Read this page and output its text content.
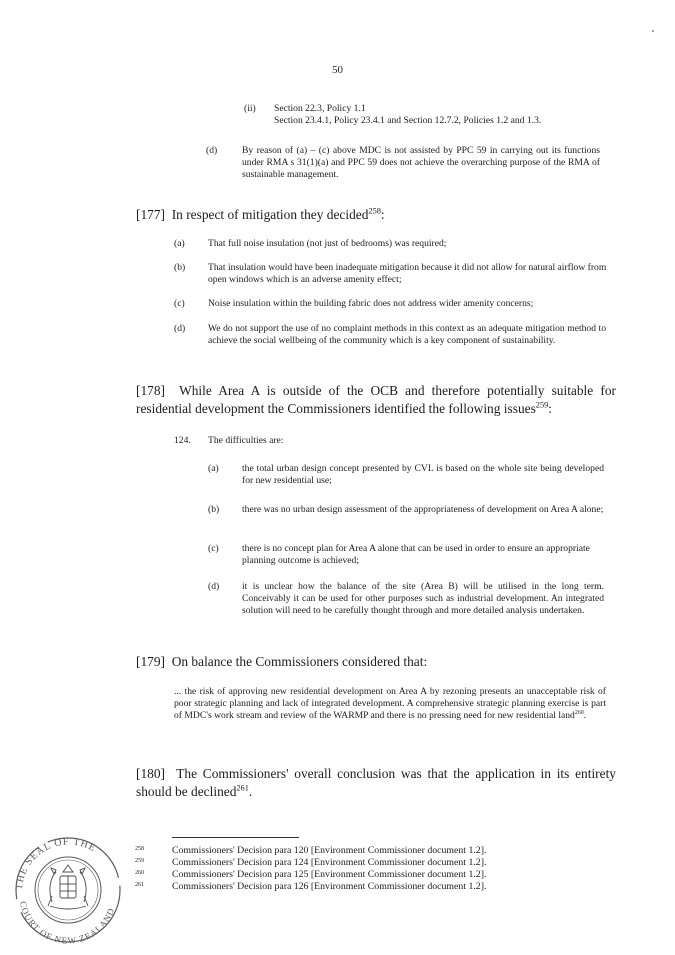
50
(ii) Section 22.3, Policy 1.1
Section 23.4.1, Policy 23.4.1 and Section 12.7.2, Policies 1.2 and 1.3.
(d)	By reason of (a) – (c) above MDC is not assisted by PPC 59 in carrying out its functions under RMA s 31(1)(a) and PPC 59 does not achieve the overarching purpose of the RMA of sustainable management.
[177] In respect of mitigation they decided$^{258}$:
(a) That full noise insulation (not just of bedrooms) was required;
(b) That insulation would have been inadequate mitigation because it did not allow for natural airflow from open windows which is an adverse amenity effect;
(c) Noise insulation within the building fabric does not address wider amenity concerns;
(d) We do not support the use of no complaint methods in this context as an adequate mitigation method to achieve the social wellbeing of the community which is a key component of sustainability.
[178] While Area A is outside of the OCB and therefore potentially suitable for residential development the Commissioners identified the following issues$^{259}$:
124. The difficulties are:
(a) the total urban design concept presented by CVL is based on the whole site being developed for new residential use;
(b) there was no urban design assessment of the appropriateness of development on Area A alone;
(c) there is no concept plan for Area A alone that can be used in order to ensure an appropriate planning outcome is achieved;
(d) it is unclear how the balance of the site (Area B) will be utilised in the long term. Conceivably it can be used for other purposes such as industrial development. An integrated solution will need to be carefully thought through and more detailed analysis undertaken.
[179] On balance the Commissioners considered that:
... the risk of approving new residential development on Area A by rezoning presents an unacceptable risk of poor strategic planning and lack of integrated development. A comprehensive strategic planning exercise is part of MDC's work stream and review of the WARMP and there is no pressing need for new residential land$^{260}$.
[180] The Commissioners' overall conclusion was that the application in its entirety should be declined$^{261}$.
258	Commissioners' Decision para 120 [Environment Commissioner document 1.2].
259	Commissioners' Decision para 124 [Environment Commissioner document 1.2].
260	Commissioners' Decision para 125 [Environment Commissioner document 1.2].
261	Commissioners' Decision para 126 [Environment Commissioner document 1.2].
THE SEAL OF THE
COURT OF NEW ZEALAND
